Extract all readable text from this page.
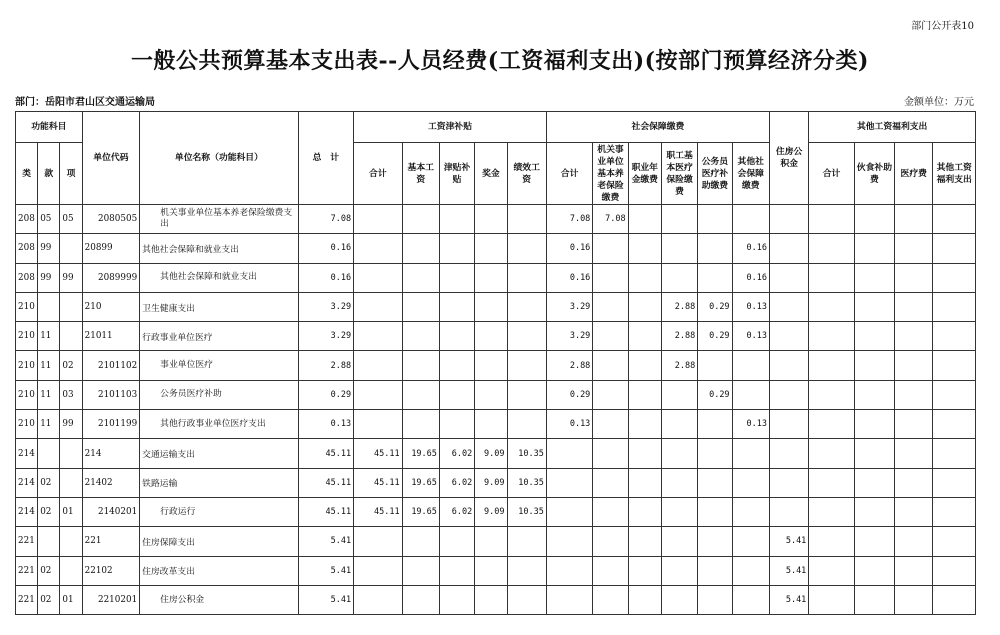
部门公开表10
一般公共预算基本支出表--人员经费(工资福利支出)(按部门预算经济分类)
部门：岳阳市君山区交通运输局	金额单位：万元
功能科目			单位代码	单位名称（功能科目）	总　计	工资津补贴					社会保障缴费						住房公积金	其他工资福利支出			
类	款	项				合计	基本工资	津贴补贴	奖金	绩效工资	合计	机关事业单位基本养老保险缴费	职业年金缴费	职工基本医疗保险缴费	公务员医疗补助缴费	其他社会保障缴费		合计	伙食补助费	医疗费	其他工资福利支出
208	05	05	2080505	机关事业单位基本养老保险缴费支出	7.08						7.08	7.08									
208	99		20899	其他社会保障和就业支出	0.16						0.16					0.16					
208	99	99	2089999	其他社会保障和就业支出	0.16						0.16					0.16					
210			210	卫生健康支出	3.29						3.29			2.88	0.29	0.13					
210	11		21011	行政事业单位医疗	3.29						3.29			2.88	0.29	0.13					
210	11	02	2101102	事业单位医疗	2.88						2.88			2.88							
210	11	03	2101103	公务员医疗补助	0.29						0.29				0.29						
210	11	99	2101199	其他行政事业单位医疗支出	0.13						0.13					0.13					
214			214	交通运输支出	45.11	45.11	19.65	6.02	9.09	10.35											
214	02		21402	铁路运输	45.11	45.11	19.65	6.02	9.09	10.35											
214	02	01	2140201	行政运行	45.11	45.11	19.65	6.02	9.09	10.35											
221			221	住房保障支出	5.41												5.41				
221	02		22102	住房改革支出	5.41												5.41				
221	02	01	2210201	住房公积金	5.41												5.41				
